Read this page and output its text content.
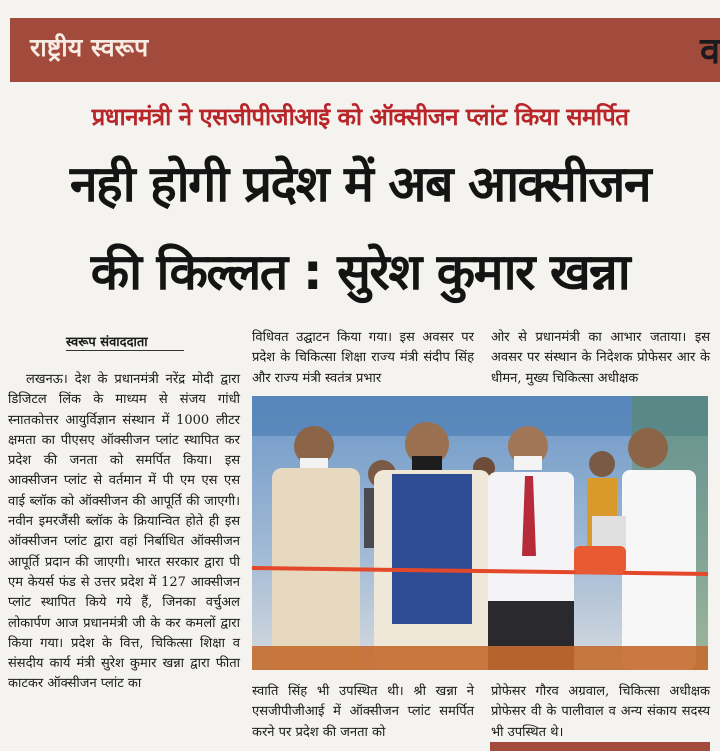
राष्ट्रीय स्वरूप	व
प्रधानमंत्री ने एसजीपीजीआई को ऑक्सीजन प्लांट किया समर्पित
नही होगी प्रदेश में अब आक्सीजन
की किल्लत : सुरेश कुमार खन्ना
स्वरूप संवाददाता

लखनऊ। देश के प्रधानमंत्री नरेंद्र मोदी द्वारा डिजिटल लिंक के माध्यम से संजय गांधी स्नातकोत्तर आयुर्विज्ञान संस्थान में 1000 लीटर क्षमता का पीएसए ऑक्सीजन प्लांट स्थापित कर प्रदेश की जनता को समर्पित किया। इस आक्सीजन प्लांट से वर्तमान में पी एम एस एस वाई ब्लॉक को ऑक्सीजन की आपूर्ति की जाएगी। नवीन इमरजैंसी ब्लॉक के क्रियान्वित होते ही इस ऑक्सीजन प्लांट द्वारा वहां निर्बाधित ऑक्सीजन आपूर्ति प्रदान की जाएगी। भारत सरकार द्वारा पी एम केयर्स फंड से उत्तर प्रदेश में 127 आक्सीजन प्लांट स्थापित किये गये हैं, जिनका वर्चुअल लोकार्पण आज प्रधानमंत्री जी के कर कमलों द्वारा किया गया। प्रदेश के वित्त, चिकित्सा शिक्षा व संसदीय कार्य मंत्री सुरेश कुमार खन्ना द्वारा फीता काटकर ऑक्सीजन प्लांट का

विधिवत उद्घाटन किया गया। इस अवसर पर प्रदेश के चिकित्सा शिक्षा राज्य मंत्री संदीप सिंह और राज्य मंत्री स्वतंत्र प्रभार

ओर से प्रधानमंत्री का आभार जताया। इस अवसर पर संस्थान के निदेशक प्रोफेसर आर के धीमन, मुख्य चिकित्सा अधीक्षक

स्वाति सिंह भी उपस्थित थी। श्री खन्ना ने एसजीपीजीआई में ऑक्सीजन प्लांट समर्पित करने पर प्रदेश की जनता को

प्रोफेसर गौरव अग्रवाल, चिकित्सा अधीक्षक प्रोफेसर वी के पालीवाल व अन्य संकाय सदस्य भी उपस्थित थे।
